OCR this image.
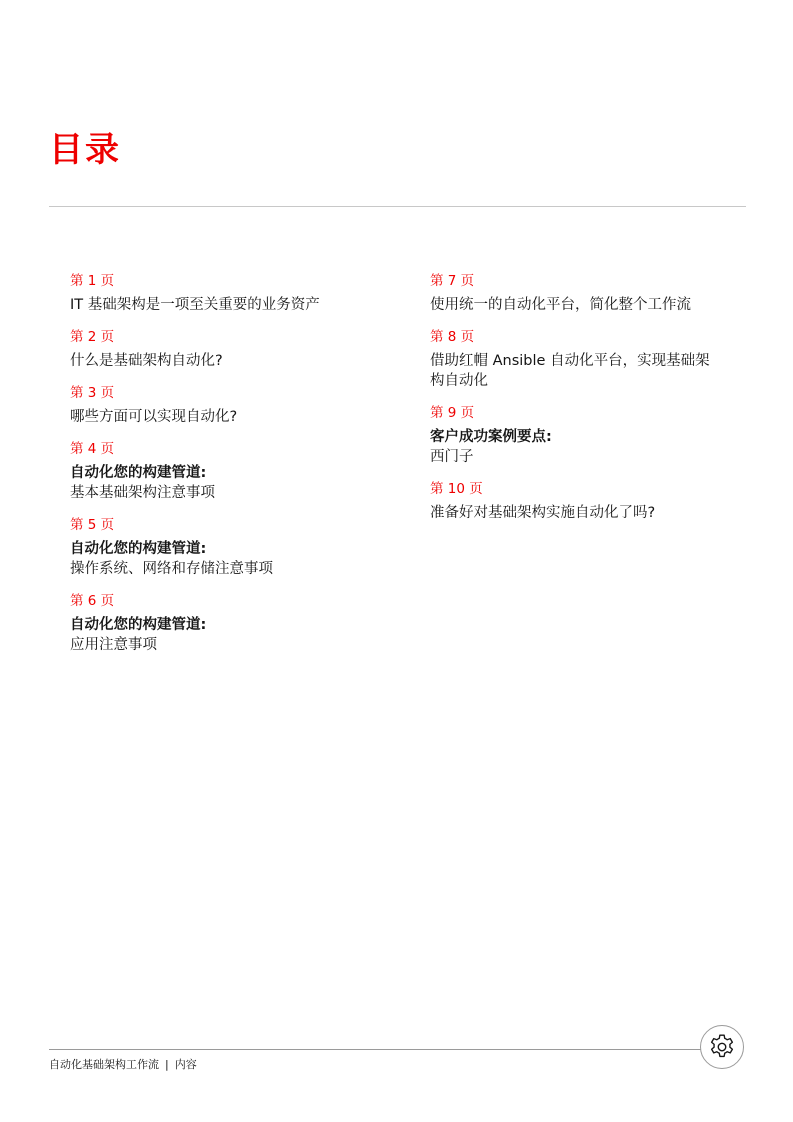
目录
第 1 页
IT 基础架构是一项至关重要的业务资产
第 2 页
什么是基础架构自动化?
第 3 页
哪些方面可以实现自动化?
第 4 页
自动化您的构建管道:
基本基础架构注意事项
第 5 页
自动化您的构建管道:
操作系统、网络和存储注意事项
第 6 页
自动化您的构建管道:
应用注意事项
第 7 页
使用统一的自动化平台，简化整个工作流
第 8 页
借助红帽 Ansible 自动化平台，实现基础架构自动化
第 9 页
客户成功案例要点:
西门子
第 10 页
准备好对基础架构实施自动化了吗?
自动化基础架构工作流 | 内容
